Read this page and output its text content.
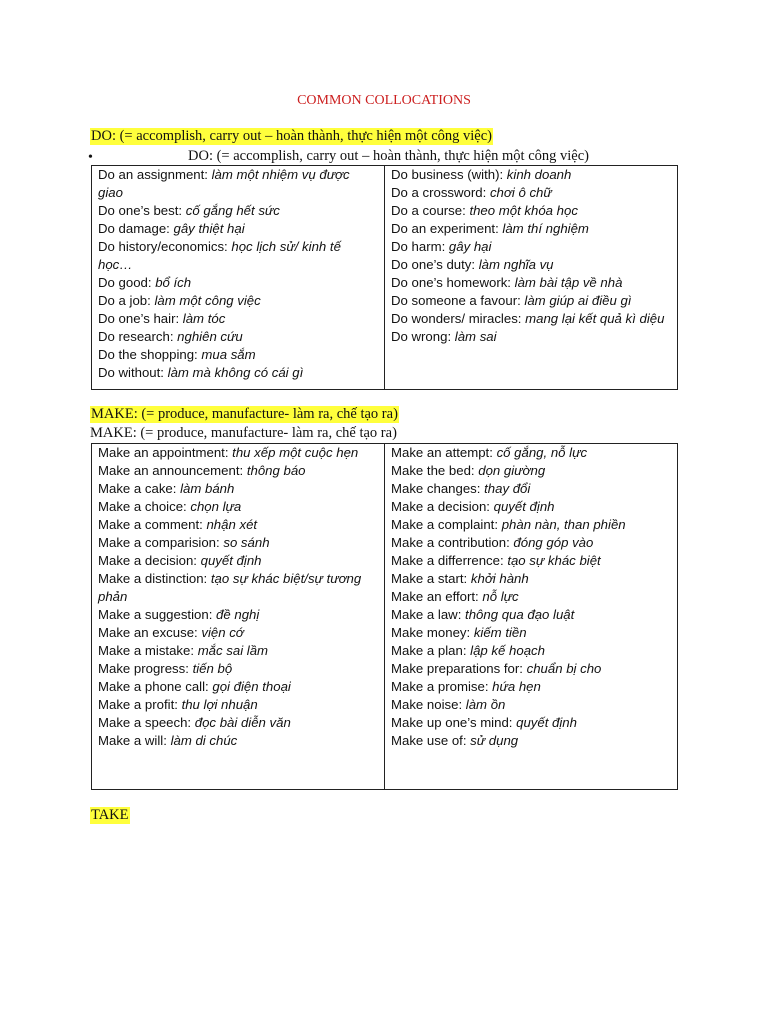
COMMON COLLOCATIONS
DO: (= accomplish, carry out – hoàn thành, thực hiện một công việc)
•	DO: (= accomplish, carry out – hoàn thành, thực hiện một công việc)
Do an assignment: làm một nhiệm vụ được giao
Do one’s best: cố gắng hết sức
Do damage: gây thiệt hại
Do history/economics: học lịch sử/ kinh tế học…
Do good: bổ ích
Do a job: làm một công việc
Do one’s hair: làm tóc
Do research: nghiên cứu
Do the shopping: mua sắm
Do without: làm mà không có cái gì

Do business (with): kinh doanh
Do a crossword: chơi ô chữ
Do a course: theo một khóa học
Do an experiment: làm thí nghiệm
Do harm: gây hại
Do one’s duty: làm nghĩa vụ
Do one’s homework: làm bài tập về nhà
Do someone a favour: làm giúp ai điều gì
Do wonders/ miracles: mang lại kết quả kì diệu
Do wrong: làm sai
MAKE: (= produce, manufacture- làm ra, chế tạo ra)
MAKE: (= produce, manufacture- làm ra, chế tạo ra)
Make an appointment: thu xếp một cuộc hẹn
Make an announcement: thông báo
Make a cake: làm bánh
Make a choice: chọn lựa
Make a comment: nhận xét
Make a comparision: so sánh
Make a decision: quyết định
Make a distinction: tạo sự khác biệt/sự tương phản
Make a suggestion: đề nghị
Make an excuse: viện cớ
Make a mistake: mắc sai lầm
Make progress: tiến bộ
Make a phone call: gọi điện thoại
Make a profit: thu lợi nhuận
Make a speech: đọc bài diễn văn
Make a will: làm di chúc

Make an attempt: cố gắng, nỗ lực
Make the bed: dọn giường
Make changes: thay đổi
Make a decision: quyết định
Make a complaint: phàn nàn, than phiền
Make a contribution: đóng góp vào
Make a differrence: tạo sự khác biệt
Make a start: khởi hành
Make an effort: nỗ lực
Make a law: thông qua đạo luật
Make money: kiếm tiền
Make a plan: lập kế hoạch
Make preparations for: chuẩn bị cho
Make a promise: hứa hẹn
Make noise: làm ồn
Make up one’s mind: quyết định
Make use of: sử dụng
TAKE
